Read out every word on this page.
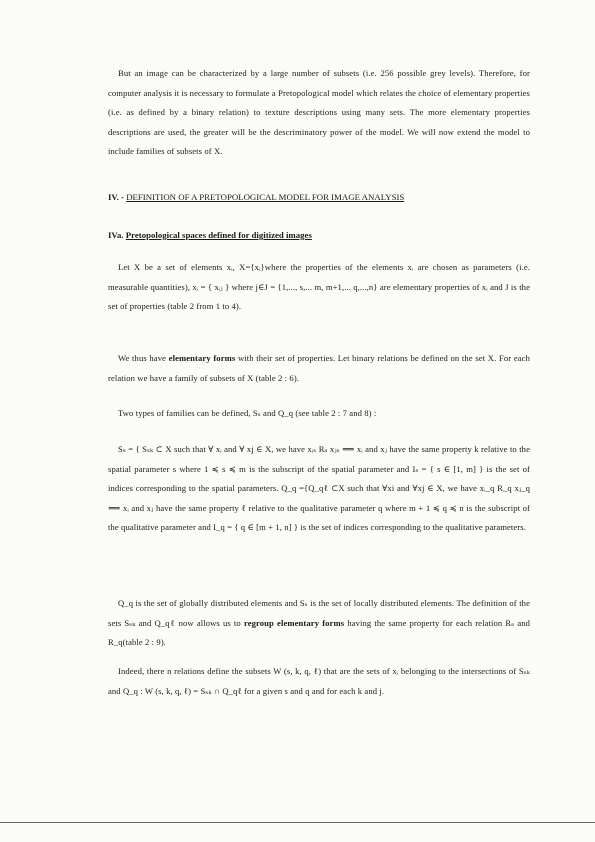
But an image can be characterized by a large number of subsets (i.e. 256 possible grey levels). Therefore, for computer analysis it is necessary to formulate a Pretopological model which relates the choice of elementary properties (i.e. as defined by a binary relation) to texture descriptions using many sets. The more elementary properties descriptions are used, the greater will be the descriminatory power of the model. We will now extend the model to include families of subsets of X.
IV. - DEFINITION OF A PRETOPOLOGICAL MODEL FOR IMAGE ANALYSIS
IVa. Pretopological spaces defined for digitized images
Let X be a set of elements xᵢ, X={xᵢ}where the properties of the elements xᵢ are chosen as parameters (i.e. measurable quantities), xᵢ = { xᵢⱼ } where j∈J = {1,..., s,... m, m+1,... q,...,n} are elementary properties of xᵢ and J is the set of properties (table 2 from 1 to 4).
We thus have elementary forms with their set of properties. Let binary relations be defined on the set X. For each relation we have a family of subsets of X (table 2 : 6).
Two types of families can be defined, Sₛ and Q_q (see table 2 : 7 and 8) :
Sₛ = { Sₛₖ ⊂ X such that ∀ xᵢ and ∀ xj ∈ X, we have xᵢₛ Rₛ xⱼₛ ⟺ xᵢ and xⱼ have the same property k relative to the spatial parameter s where 1 ≼ s ≼ m is the subscript of the spatial parameter and Iₛ = { s ∈ [1, m] } is the set of indices corresponding to the spatial parameters. Q_q ={Q_qℓ ⊂X such that ∀xi and ∀xj ∈ X, we have xᵢ_q R_q xⱼ_q ⟺ xᵢ and xⱼ have the same property ℓ relative to the qualitative parameter q where m + 1 ≼ q ≼ n is the subscript of the qualitative parameter and I_q = { q ∈ [m + 1, n] } is the set of indices corresponding to the qualitative parameters.
Q_q is the set of globally distributed elements and Sₛ is the set of locally distributed elements. The definition of the sets Sₛₖ and Q_qℓ now allows us to regroup elementary forms having the same property for each relation Rₛ and R_q(table 2 : 9).
Indeed, there n relations define the subsets W (s, k, q, ℓ) that are the sets of xᵢ belonging to the intersections of Sₛₖ and Q_q : W (s, k, q, ℓ) = Sₛₖ ∩ Q_qℓ for a given s and q and for each k and j.
